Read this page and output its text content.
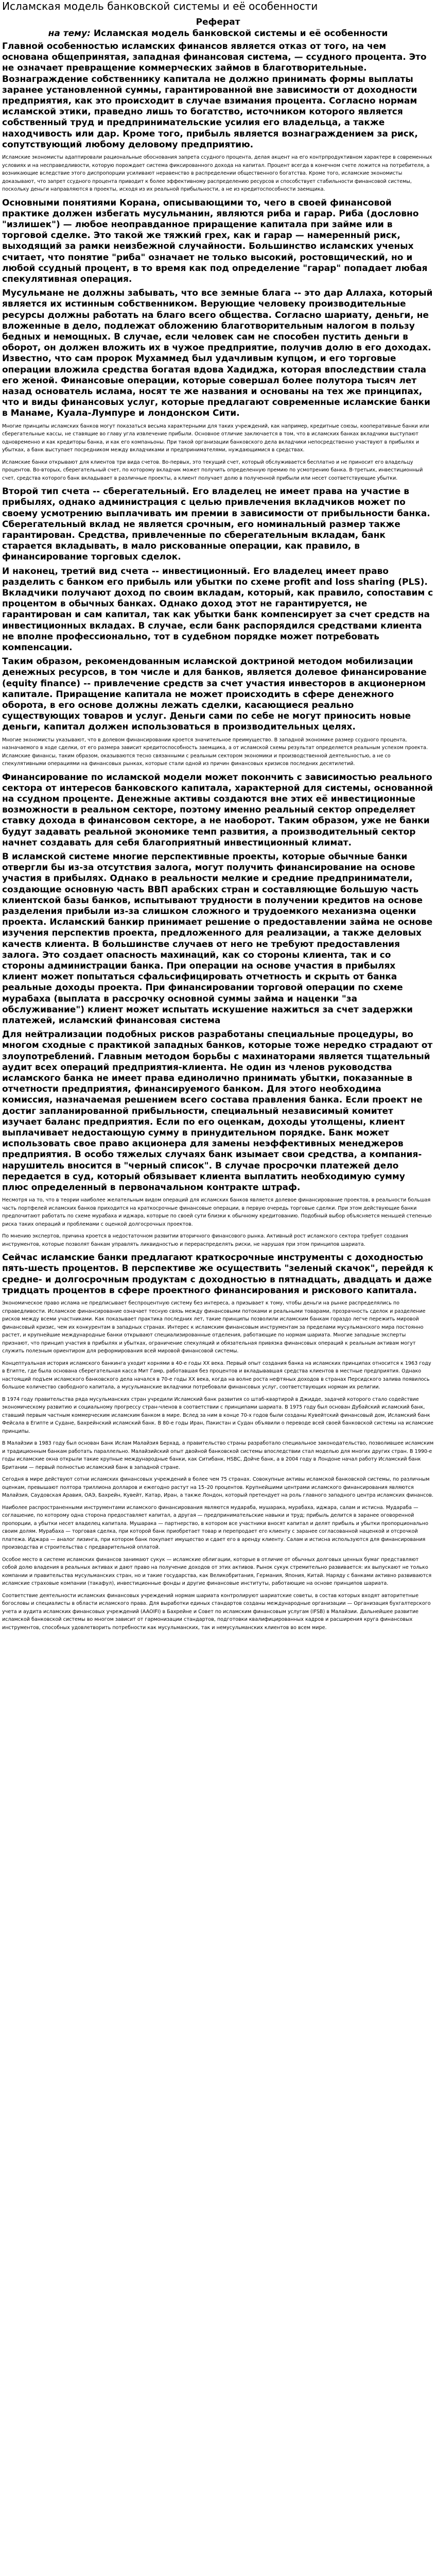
Исламская модель банковской системы и её особенности
Реферат
на тему: Исламская модель банковской системы и её особенности

Главной особенностью исламских финансов является отказ от того, на чем основана общепринятая, западная финансовая система, — ссудного процента. Это не означает превращение коммерческих займов в благотворительные. Вознаграждение собственнику капитала не должно принимать формы выплаты заранее установленной суммы, гарантированной вне зависимости от доходности предприятия, как это происходит в случае взимания процента. Согласно нормам исламской этики, праведно лишь то богатство, источником которого является собственный труд и предпринимательские усилия его владельца, а также находчивость или дар. Кроме того, прибыль является вознаграждением за риск, сопутствующий любому деловому предприятию.

Исламские экономисты адаптировали рациональные обоснования запрета ссудного процента, делая акцент на его контрпродуктивном характере в современных условиях и на несправедливости, которую порождает система фиксированного дохода на капитал. Процент всегда в конечном счете ложится на потребителя, а возникающие вследствие этого диспропорции усиливают неравенство в распределении общественного богатства. Кроме того, исламские экономисты доказывают, что запрет ссудного процента приводит к более эффективному распределению ресурсов и способствует стабильности финансовой системы, поскольку деньги направляются в проекты, исходя из их реальной прибыльности, а не из кредитоспособности заемщика.

Основными понятиями Корана, описывающими то, чего в своей финансовой практике должен избегать мусульманин, являются риба и гарар. Риба (дословно "излишек") — любое неоправданное приращение капитала при займе или в торговой сделке. Это такой же тяжкий грех, как и гарар — намеренный риск, выходящий за рамки неизбежной случайности. Большинство исламских ученых считает, что понятие "риба" означает не только высокий, ростовщический, но и любой ссудный процент, в то время как под определение "гарар" попадает любая спекулятивная операция.

Мусульмане не должны забывать, что все земные блага -- это дар Аллаха, который является их истинным собственником. Верующие человеку производительные ресурсы должны работать на благо всего общества. Согласно шариату, деньги, не вложенные в дело, подлежат обложению благотворительным налогом в пользу бедных и немощных. В случае, если человек сам не способен пустить деньги в оборот, он должен вложить их в чужое предприятие, получив долю в его доходах. Известно, что сам пророк Мухаммед был удачливым купцом, и его торговые операции вложила средства богатая вдова Хадиджа, которая впоследствии стала его женой. Финансовые операции, которые совершал более полутора тысяч лет назад основатель ислама, носят те же названия и основаны на тех же принципах, что и виды финансовых услуг, которые предлагают современные исламские банки в Манаме, Куала-Лумпуре и лондонском Сити.

Многие принципы исламских банков могут показаться весьма характерными для таких учреждений, как например, кредитные союзы, кооперативные банки или сберегательные кассы, не ставящие во главу угла извлечение прибыли. Основное отличие заключается в том, что в исламских банках вкладчики выступают одновременно и как кредиторы банка, и как его компаньоны. При такой организации банковского дела вкладчики непосредственно участвуют в прибылях и убытках, а банк выступает посредником между вкладчиками и предпринимателями, нуждающимися в средствах.

Исламские банки открывают для клиентов три вида счетов. Во-первых, это текущий счет, который обслуживается бесплатно и не приносит его владельцу процентов. Во-вторых, сберегательный счет, по которому вкладчик может получить определенную премию по усмотрению банка. В-третьих, инвестиционный счет, средства которого банк вкладывает в различные проекты, а клиент получает долю в полученной прибыли или несет соответствующие убытки.

Второй тип счета -- сберегательный. Его владелец не имеет права на участие в прибылях, однако администрация с целью привлечения вкладчиков может по своему усмотрению выплачивать им премии в зависимости от прибыльности банка. Сберегательный вклад не является срочным, его номинальный размер также гарантирован. Средства, привлеченные по сберегательным вкладам, банк старается вкладывать, в мало рискованные операции, как правило, в финансирование торговых сделок.

И наконец, третий вид счета -- инвестиционный. Его владелец имеет право разделить с банком его прибыль или убытки по схеме profit and loss sharing (PLS). Вкладчики получают доход по своим вкладам, который, как правило, сопоставим с процентом в обычных банках. Однако доход этот не гарантируется, не гарантирован и сам капитал, так как убытки банк компенсирует за счет средств на инвестиционных вкладах. В случае, если банк распорядился средствами клиента не вполне профессионально, тот в судебном порядке может потребовать компенсации.

Таким образом, рекомендованным исламской доктриной методом мобилизации денежных ресурсов, в том числе и для банков, является долевое финансирование (equity finance) -- привлечение средств за счет участия инвесторов в акционерном капитале. Приращение капитала не может происходить в сфере денежного оборота, в его основе должны лежать сделки, касающиеся реально существующих товаров и услуг. Деньги сами по себе не могут приносить новые деньги, капитал должен использоваться в производительных целях.

Многие экономисты указывают, что в долевом финансировании кроется значительное преимущество. В западной экономике размер ссудного процента, назначаемого в ходе сделки, от его размера зависит кредитоспособность заемщика, а от исламской схемы результат определяется реальным успехом проекта. Исламские финансы, таким образом, оказываются тесно связанными с реальным сектором экономики и производственной деятельностью, а не со спекулятивными операциями на финансовых рынках, которые стали одной из причин финансовых кризисов последних десятилетий.

Финансирование по исламской модели может покончить с зависимостью реального сектора от интересов банковского капитала, характерной для системы, основанной на ссудном проценте. Денежные активы создаются вне этих её инвестиционные возможности в реальном секторе, поэтому именно реальный сектор определяет ставку дохода в финансовом секторе, а не наоборот. Таким образом, уже не банки будут задавать реальной экономике темп развития, а производительный сектор начнет создавать для себя благоприятный инвестиционный климат.

В исламской системе многие перспективные проекты, которые обычные банки отвергли бы из-за отсутствия залога, могут получить финансирование на основе участия в прибылях. Однако в реальности мелкие и средние предприниматели, создающие основную часть ВВП арабских стран и составляющие большую часть клиентской базы банков, испытывают трудности в получении кредитов на основе разделения прибыли из-за слишком сложного и трудоемкого механизма оценки проекта. Исламский банкир принимает решение о предоставлении займа не основе изучения перспектив проекта, предложенного для реализации, а также деловых качеств клиента. В большинстве случаев от него не требуют предоставления залога. Это создает опасность махинаций, как со стороны клиента, так и со стороны администрации банка. При операции на основе участия в прибылях клиент может попытаться сфальсифицировать отчетность и скрыть от банка реальные доходы проекта. При финансировании торговой операции по схеме мурабаха (выплата в рассрочку основной суммы займа и наценки "за обслуживание") клиент может испытать искушение нажиться за счет задержки платежей, исламский финансовая система

Для нейтрализации подобных рисков разработаны специальные процедуры, во многом сходные с практикой западных банков, которые тоже нередко страдают от злоупотреблений. Главным методом борьбы с махинаторами является тщательный аудит всех операций предприятия-клиента. Не один из членов руководства исламского банка не имеет права единолично принимать убытки, показанные в отчетности предприятия, финансируемого банком. Для этого необходима комиссия, назначаемая решением всего состава правления банка. Если проект не достиг запланированной прибыльности, специальный независимый комитет изучает баланс предприятия. Если по его оценкам, доходы утолщены, клиент выплачивает недостающую сумму в принудительном порядке. Банк может использовать свое право акционера для замены неэффективных менеджеров предприятия. В особо тяжелых случаях банк изымает свои средства, а компания-нарушитель вносится в "черный список". В случае просрочки платежей дело передается в суд, который обязывает клиента выплатить необходимую сумму плюс определенный в первоначальном контракте штраф.

Несмотря на то, что в теории наиболее желательным видом операций для исламских банков является долевое финансирование проектов, в реальности большая часть портфелей исламских банков приходится на краткосрочные финансовые операции, в первую очередь торговые сделки. При этом действующие банки предпочитают работать по схеме мурабаха и иджара, которые по своей сути близки к обычному кредитованию. Подобный выбор объясняется меньшей степенью риска таких операций и проблемами с оценкой долгосрочных проектов.

По мнению экспертов, причина кроется в недостаточном развитии вторичного финансового рынка. Активный рост исламского сектора требует создания инструментов, которые позволят банкам управлять ликвидностью и перераспределять риски, не нарушая при этом принципов шариата.

Сейчас исламские банки предлагают краткосрочные инструменты с доходностью пять-шесть процентов. В перспективе же осуществить "зеленый скачок", перейдя к средне- и долгосрочным продуктам с доходностью в пятнадцать, двадцать и даже тридцать процентов в сфере проектного финансирования и рискового капитала.

Экономическое право ислама не предписывает беспроцентную систему без интереса, а призывает к тому, чтобы деньги на рынке распределялись по справедливости. Исламское финансирование означает тесную связь между финансовыми потоками и реальными товарами, прозрачность сделок и разделение рисков между всеми участниками. Как показывает практика последних лет, такие принципы позволили исламским банкам гораздо легче пережить мировой финансовый кризис, чем их конкурентам в западных странах. Интерес к исламским финансовым инструментам за пределами мусульманского мира постоянно растет, и крупнейшие международные банки открывают специализированные отделения, работающие по нормам шариата. Многие западные эксперты признают, что принцип участия в прибылях и убытках, ограничение спекуляций и обязательная привязка финансовых операций к реальным активам могут служить полезным ориентиром для реформирования всей мировой финансовой системы.

Концептуальная история исламского банкинга уходит корнями в 40-е годы ХХ века. Первый опыт создания банка на исламских принципах относится к 1963 году в Египте, где была основана сберегательная касса Мит Гамр, работавшая без процентов и вкладывавшая средства клиентов в местные предприятия. Однако настоящий подъем исламского банковского дела начался в 70-е годы ХХ века, когда на волне роста нефтяных доходов в странах Персидского залива появилось большое количество свободного капитала, а мусульманские вкладчики потребовали финансовых услуг, соответствующих нормам их религии.

В 1974 году правительства ряда мусульманских стран учредили Исламский банк развития со штаб-квартирой в Джидде, задачей которого стало содействие экономическому развитию и социальному прогрессу стран-членов в соответствии с принципами шариата. В 1975 году был основан Дубайский исламский банк, ставший первым частным коммерческим исламским банком в мире. Вслед за ним в конце 70-х годов были созданы Кувейтский финансовый дом, Исламский банк Фейсала в Египте и Судане, Бахрейнский исламский банк. В 80-е годы Иран, Пакистан и Судан объявили о переводе всей своей банковской системы на исламские принципы.

В Малайзии в 1983 году был основан Банк Ислам Малайзия Берхад, а правительство страны разработало специальное законодательство, позволившее исламским и традиционным банкам работать параллельно. Малайзийский опыт двойной банковской системы впоследствии стал моделью для многих других стран. В 1990-е годы исламские окна открыли такие крупные международные банки, как Ситибанк, HSBC, Дойче банк, а в 2004 году в Лондоне начал работу Исламский банк Британии — первый полностью исламский банк в западной стране.

Сегодня в мире действуют сотни исламских финансовых учреждений в более чем 75 странах. Совокупные активы исламской банковской системы, по различным оценкам, превышают полтора триллиона долларов и ежегодно растут на 15–20 процентов. Крупнейшими центрами исламского финансирования являются Малайзия, Саудовская Аравия, ОАЭ, Бахрейн, Кувейт, Катар, Иран, а также Лондон, который претендует на роль главного западного центра исламских финансов.

Наиболее распространенными инструментами исламского финансирования являются мудараба, мушарака, мурабаха, иджара, салам и истисна. Мудараба — соглашение, по которому одна сторона предоставляет капитал, а другая — предпринимательские навыки и труд; прибыль делится в заранее оговоренной пропорции, а убытки несет владелец капитала. Мушарака — партнерство, в котором все участники вносят капитал и делят прибыль и убытки пропорционально своим долям. Мурабаха — торговая сделка, при которой банк приобретает товар и перепродает его клиенту с заранее согласованной наценкой и отсрочкой платежа. Иджара — аналог лизинга, при котором банк покупает имущество и сдает его в аренду клиенту. Салам и истисна используются для финансирования производства и строительства с предварительной оплатой.

Особое место в системе исламских финансов занимают сукук — исламские облигации, которые в отличие от обычных долговых ценных бумаг представляют собой долю владения в реальных активах и дают право на получение доходов от этих активов. Рынок сукук стремительно развивается: их выпускают не только компании и правительства мусульманских стран, но и такие государства, как Великобритания, Германия, Япония, Китай. Наряду с банками активно развиваются исламские страховые компании (такафул), инвестиционные фонды и другие финансовые институты, работающие на основе принципов шариата.

Соответствие деятельности исламских финансовых учреждений нормам шариата контролируют шариатские советы, в состав которых входят авторитетные богословы и специалисты в области исламского права. Для выработки единых стандартов созданы международные организации — Организация бухгалтерского учета и аудита исламских финансовых учреждений (AAOIFI) в Бахрейне и Совет по исламским финансовым услугам (IFSB) в Малайзии. Дальнейшее развитие исламской банковской системы во многом зависит от гармонизации стандартов, подготовки квалифицированных кадров и расширения круга финансовых инструментов, способных удовлетворить потребности как мусульманских, так и немусульманских клиентов во всем мире.
